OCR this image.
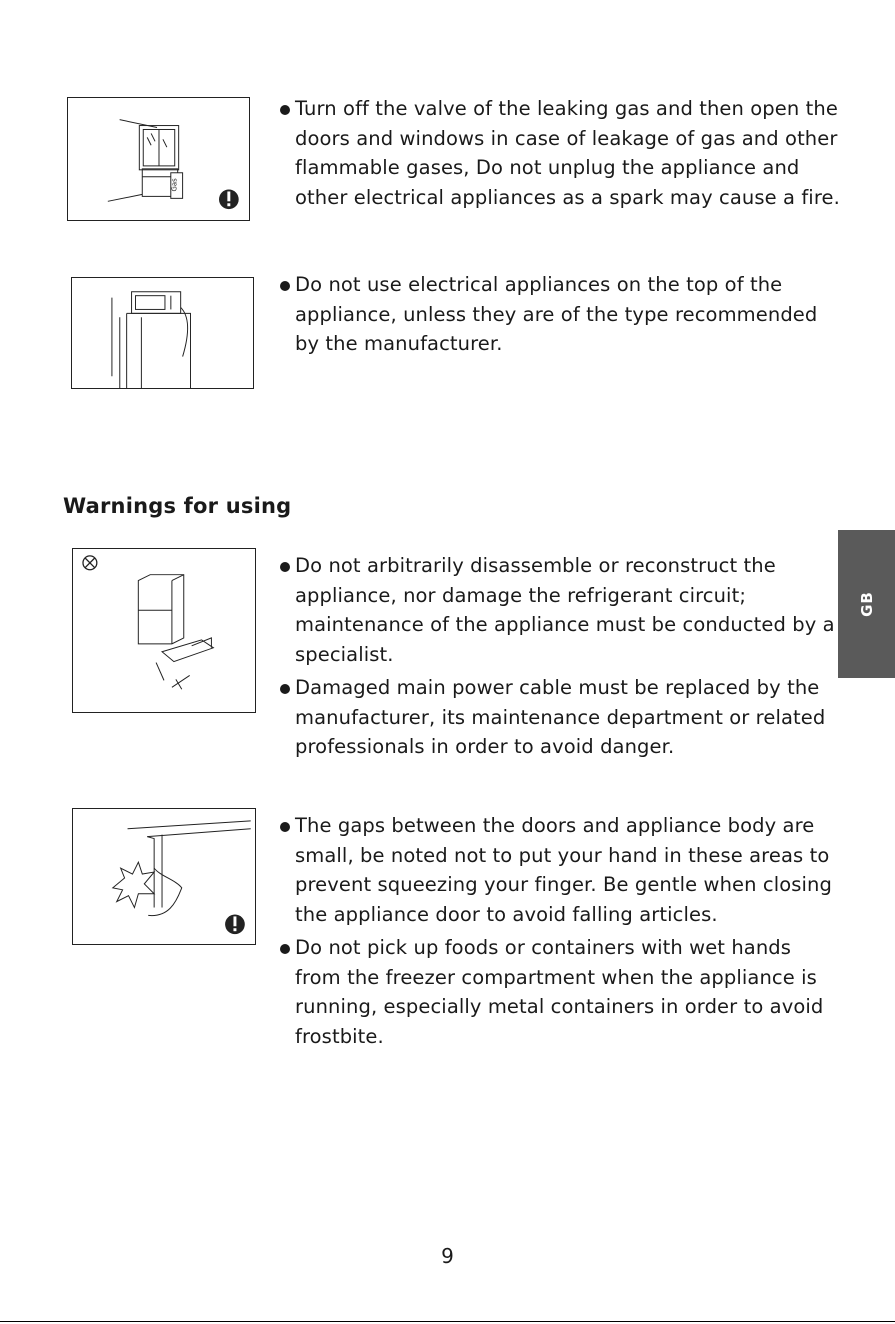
Gas
Turn off the valve of the leaking gas and then open the doors and windows in case of leakage of gas and other flammable gases, Do not unplug the appliance and other electrical appliances as a spark may cause a fire.
Do not use electrical appliances on the top of the appliance, unless they are of the type recommended by the manufacturer.
Warnings for using
Do not arbitrarily disassemble or reconstruct the appliance, nor damage the refrigerant circuit; maintenance of the appliance must be conducted by a specialist.
Damaged main power cable must be replaced by the manufacturer, its maintenance department or related professionals in order to avoid danger.
The gaps between the doors and appliance body are small, be noted not to put your hand in these areas to prevent squeezing your finger. Be gentle when closing the appliance door to avoid falling articles.
Do not pick up foods or containers with wet hands from the freezer compartment when the appliance is running, especially metal containers in order to avoid frostbite.
GB
9
